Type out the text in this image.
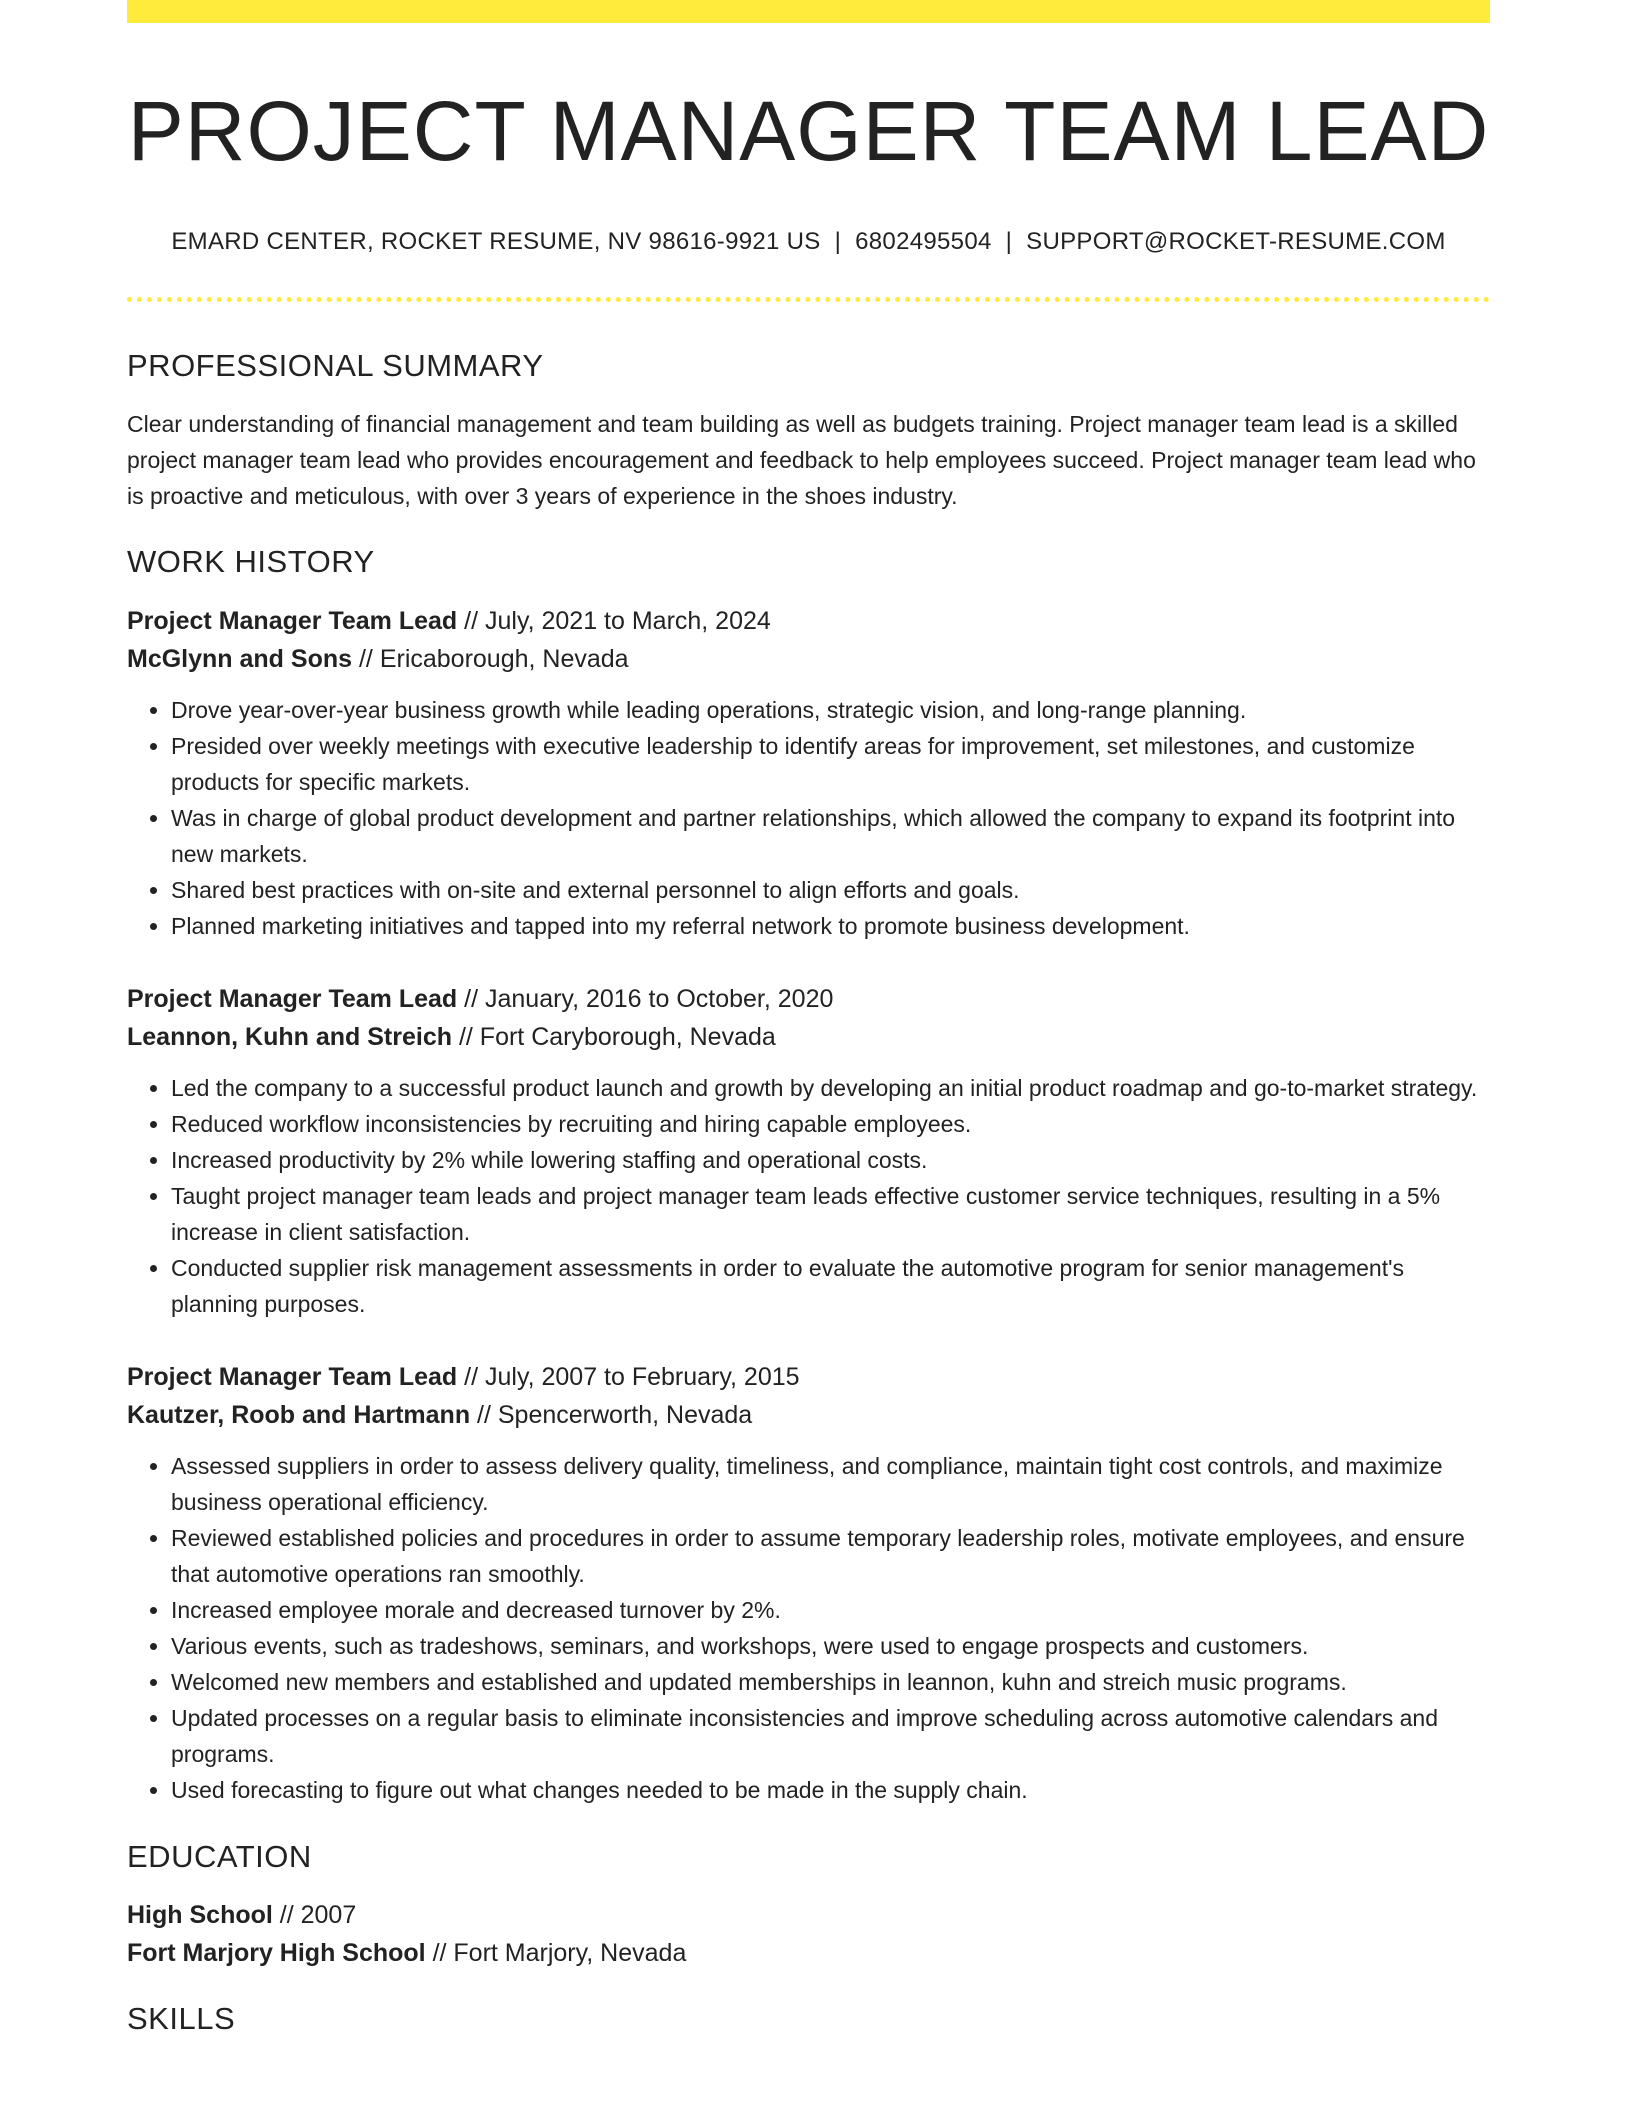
PROJECT MANAGER TEAM LEAD
EMARD CENTER, ROCKET RESUME, NV 98616-9921 US | 6802495504 | SUPPORT@ROCKET-RESUME.COM
PROFESSIONAL SUMMARY

Clear understanding of financial management and team building as well as budgets training. Project manager team lead is a skilled project manager team lead who provides encouragement and feedback to help employees succeed. Project manager team lead who is proactive and meticulous, with over 3 years of experience in the shoes industry.

WORK HISTORY
Project Manager Team Lead // July, 2021 to March, 2024
McGlynn and Sons // Ericaborough, Nevada
• Drove year-over-year business growth while leading operations, strategic vision, and long-range planning.
• Presided over weekly meetings with executive leadership to identify areas for improvement, set milestones, and customize products for specific markets.
• Was in charge of global product development and partner relationships, which allowed the company to expand its footprint into new markets.
• Shared best practices with on-site and external personnel to align efforts and goals.
• Planned marketing initiatives and tapped into my referral network to promote business development.
Project Manager Team Lead // January, 2016 to October, 2020
Leannon, Kuhn and Streich // Fort Caryborough, Nevada
• Led the company to a successful product launch and growth by developing an initial product roadmap and go-to-market strategy.
• Reduced workflow inconsistencies by recruiting and hiring capable employees.
• Increased productivity by 2% while lowering staffing and operational costs.
• Taught project manager team leads and project manager team leads effective customer service techniques, resulting in a 5% increase in client satisfaction.
• Conducted supplier risk management assessments in order to evaluate the automotive program for senior management's planning purposes.
Project Manager Team Lead // July, 2007 to February, 2015
Kautzer, Roob and Hartmann // Spencerworth, Nevada
• Assessed suppliers in order to assess delivery quality, timeliness, and compliance, maintain tight cost controls, and maximize business operational efficiency.
• Reviewed established policies and procedures in order to assume temporary leadership roles, motivate employees, and ensure that automotive operations ran smoothly.
• Increased employee morale and decreased turnover by 2%.
• Various events, such as tradeshows, seminars, and workshops, were used to engage prospects and customers.
• Welcomed new members and established and updated memberships in leannon, kuhn and streich music programs.
• Updated processes on a regular basis to eliminate inconsistencies and improve scheduling across automotive calendars and programs.
• Used forecasting to figure out what changes needed to be made in the supply chain.
EDUCATION
High School // 2007
Fort Marjory High School // Fort Marjory, Nevada
SKILLS
